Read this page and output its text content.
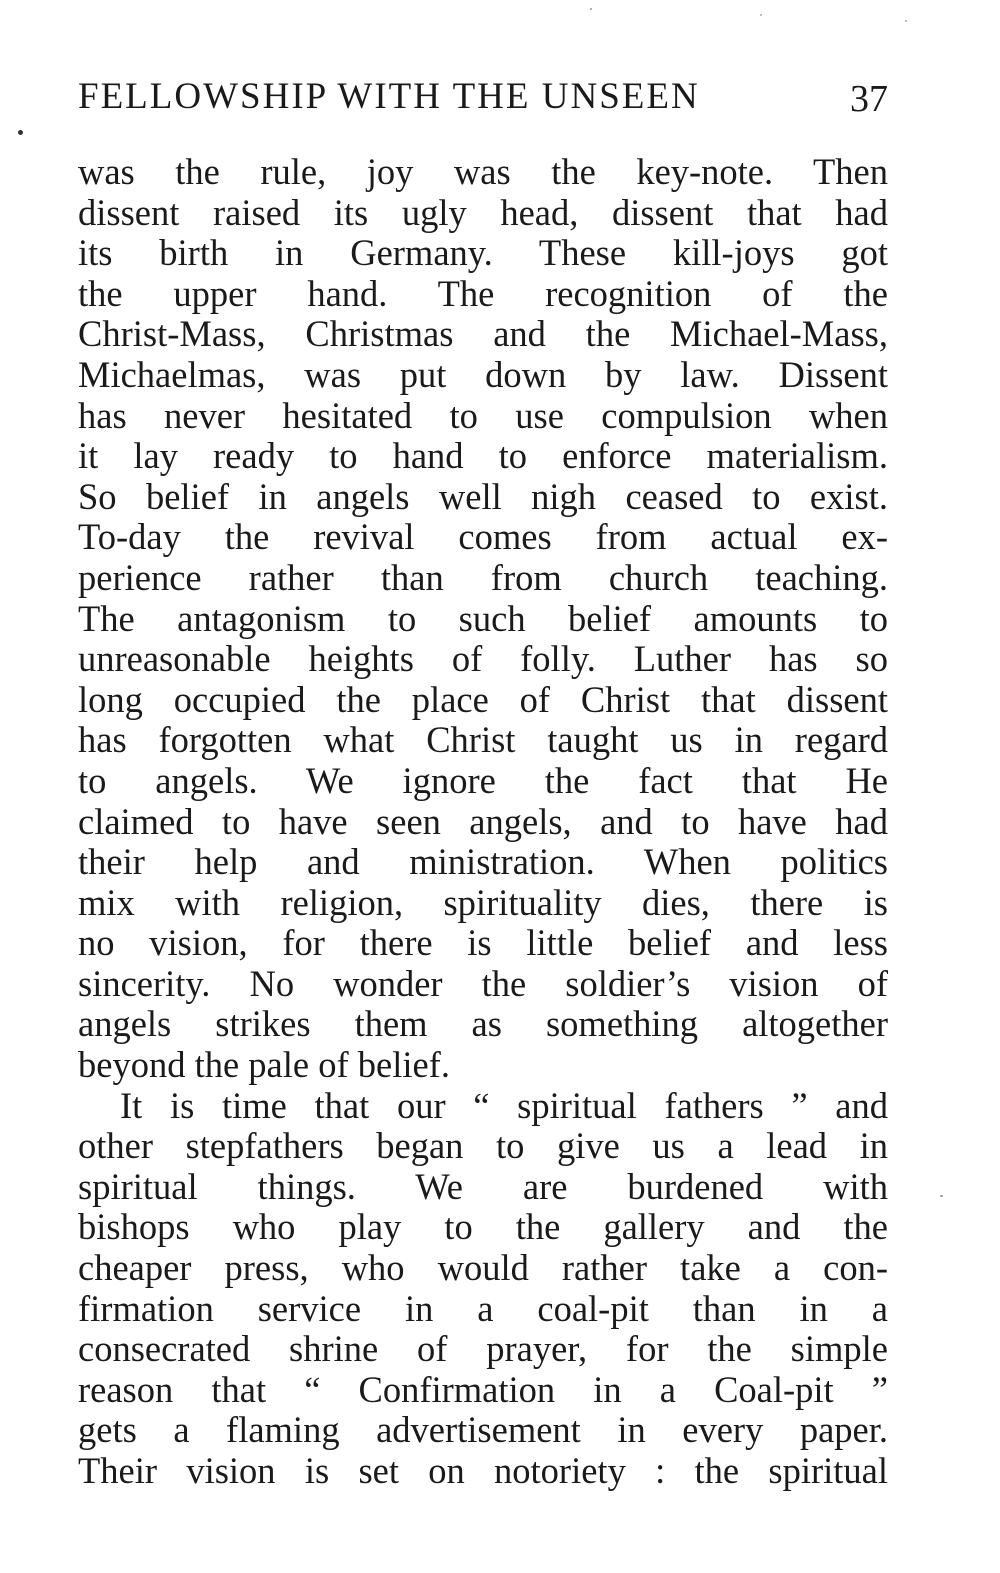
FELLOWSHIP WITH THE UNSEEN	37
was the rule, joy was the key-note. Then
dissent raised its ugly head, dissent that had
its birth in Germany. These kill-joys got
the upper hand. The recognition of the
Christ-Mass, Christmas and the Michael-Mass,
Michaelmas, was put down by law. Dissent
has never hesitated to use compulsion when
it lay ready to hand to enforce materialism.
So belief in angels well nigh ceased to exist.
To-day the revival comes from actual ex-
perience rather than from church teaching.
The antagonism to such belief amounts to
unreasonable heights of folly. Luther has so
long occupied the place of Christ that dissent
has forgotten what Christ taught us in regard
to angels. We ignore the fact that He
claimed to have seen angels, and to have had
their help and ministration. When politics
mix with religion, spirituality dies, there is
no vision, for there is little belief and less
sincerity. No wonder the soldier’s vision of
angels strikes them as something altogether
beyond the pale of belief.
It is time that our “ spiritual fathers ” and
other stepfathers began to give us a lead in
spiritual things. We are burdened with
bishops who play to the gallery and the
cheaper press, who would rather take a con-
firmation service in a coal-pit than in a
consecrated shrine of prayer, for the simple
reason that “ Confirmation in a Coal-pit ”
gets a flaming advertisement in every paper.
Their vision is set on notoriety : the spiritual
